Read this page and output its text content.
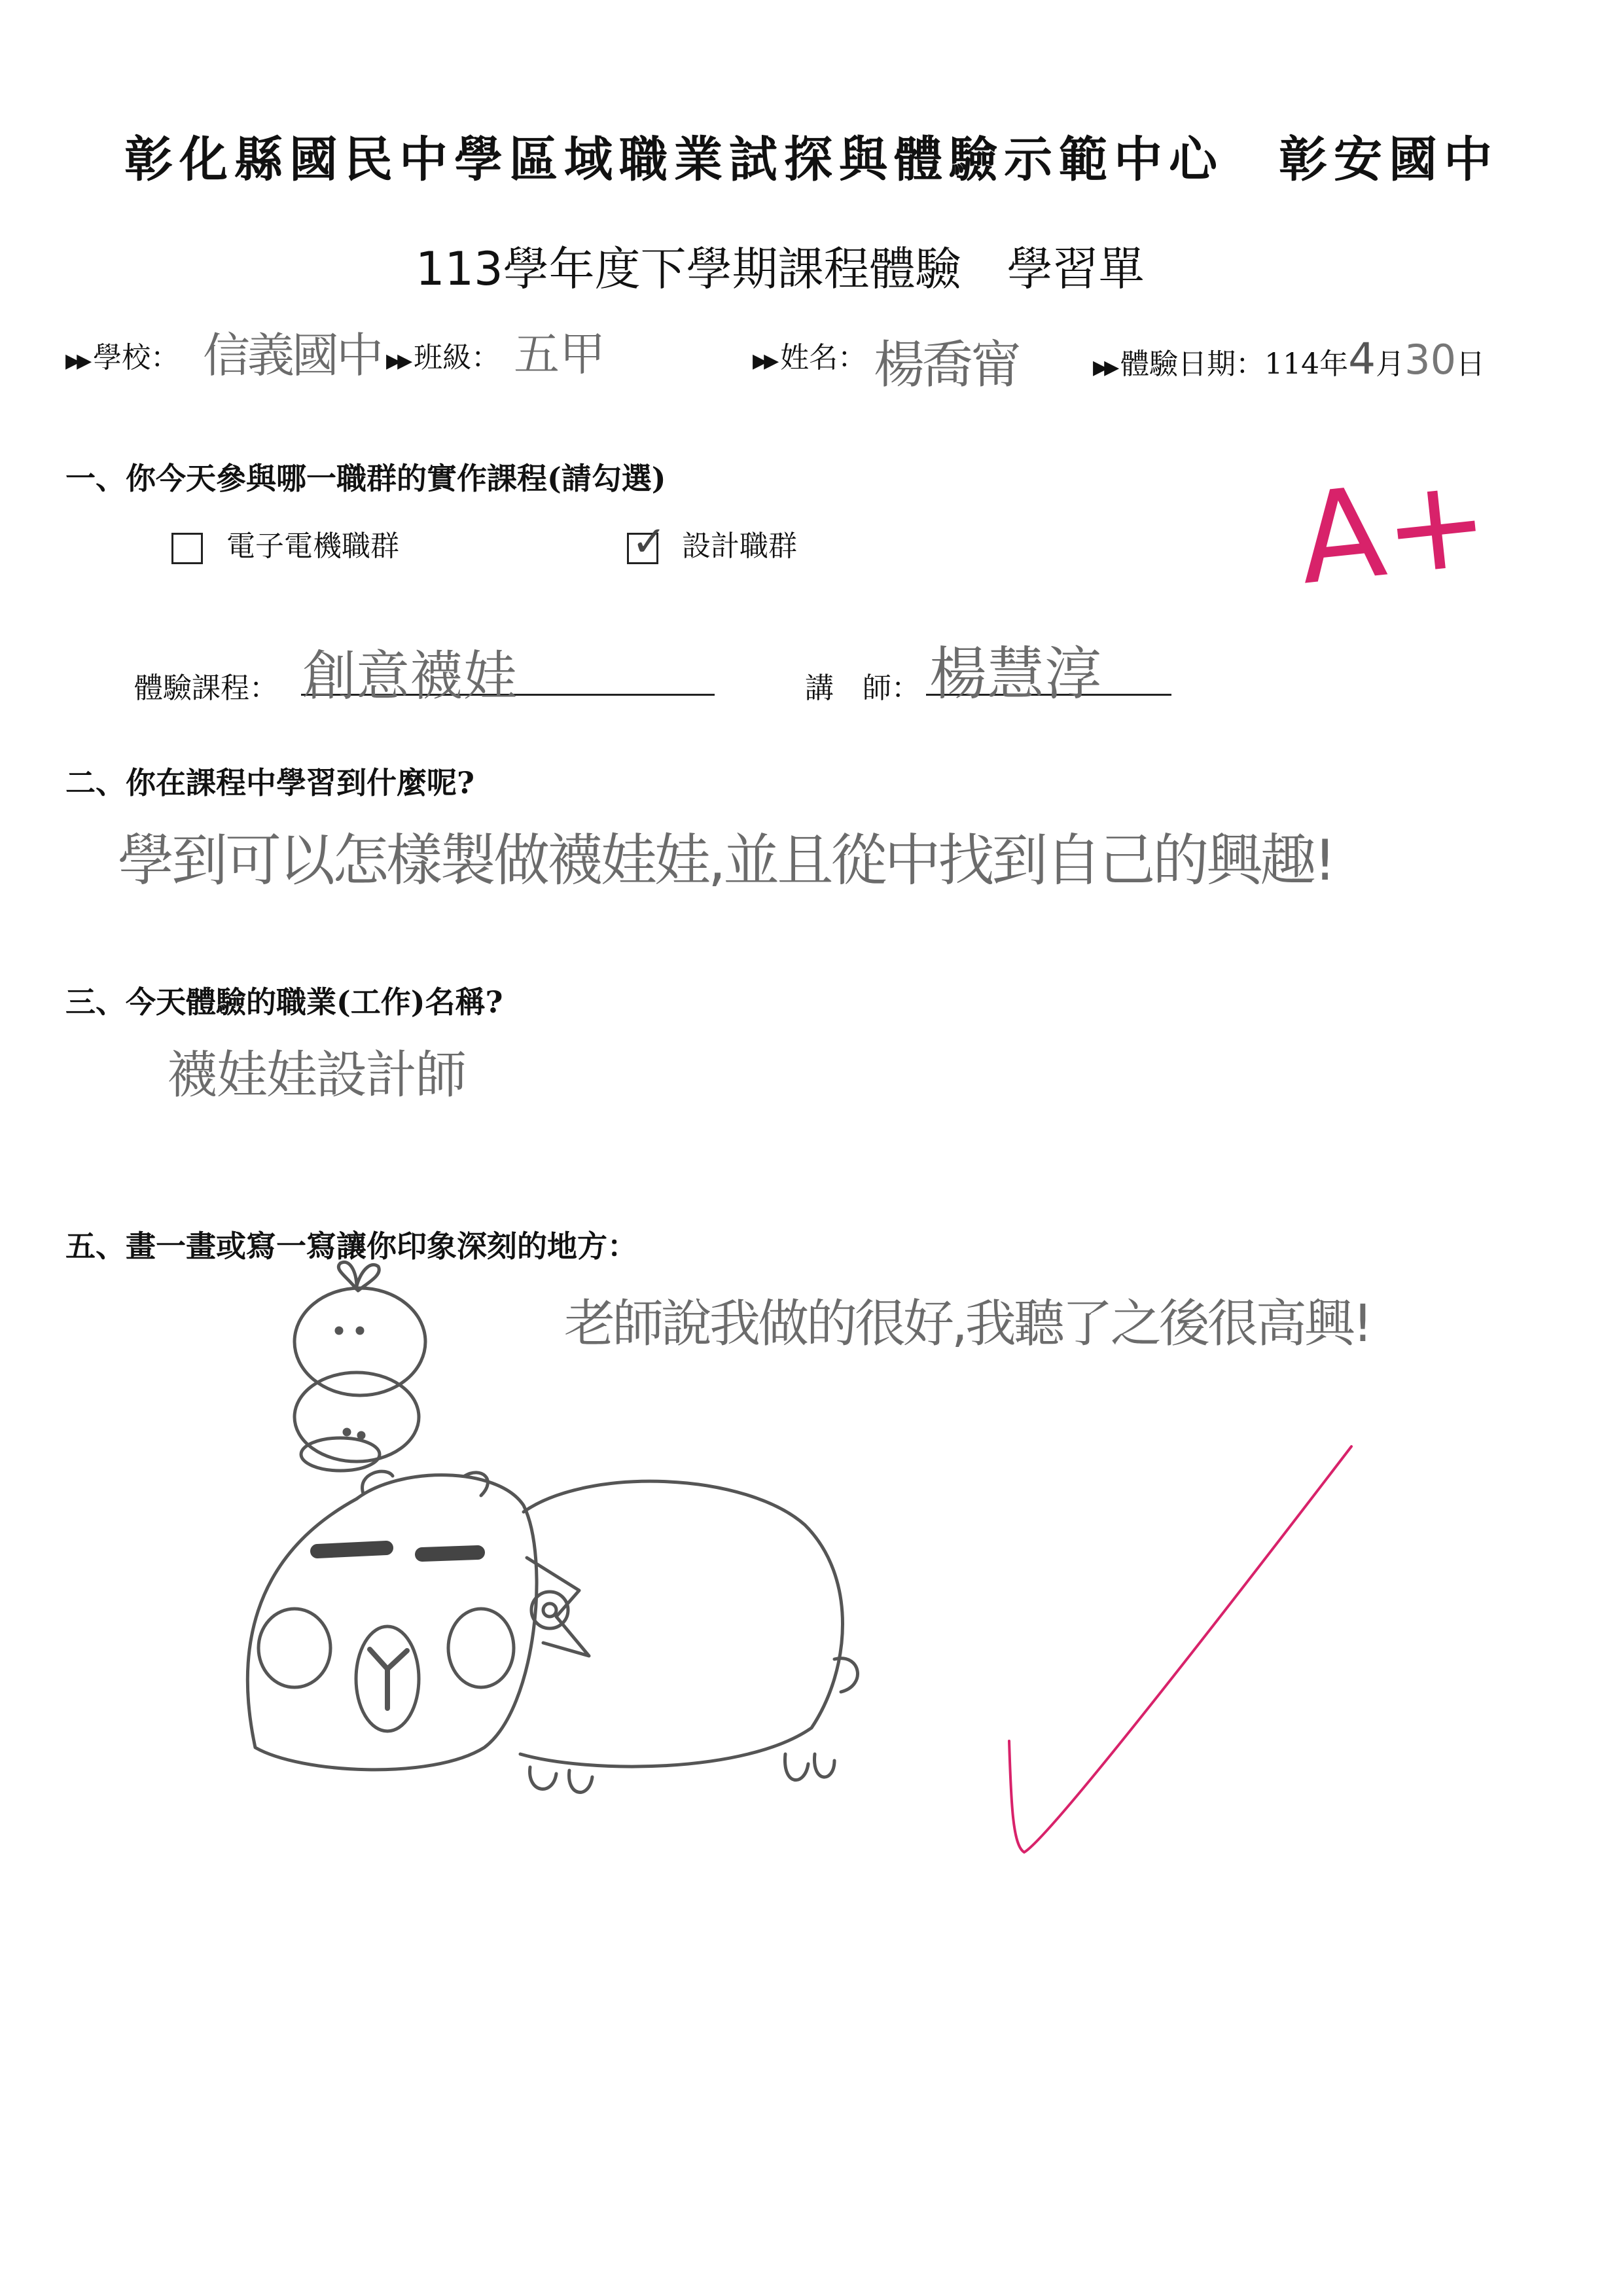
彰化縣國民中學區域職業試探與體驗示範中心　彰安國中
113學年度下學期課程體驗　學習單
▶▶ 學校： 信義國中 ▶▶ 班級： 五甲	▶▶ 姓名： 楊喬甯	▶▶ 體驗日期：114年4月30日
一、你今天參與哪一職群的實作課程(請勾選)
電子電機職群	✓ 設計職群	A+
體驗課程： 創意襪娃	講　師： 楊慧淳
二、你在課程中學習到什麼呢?
學到可以怎樣製做襪娃娃,並且從中找到自己的興趣!
三、今天體驗的職業(工作)名稱?
襪娃娃設計師
五、畫一畫或寫一寫讓你印象深刻的地方：
老師說我做的很好,我聽了之後很高興!
